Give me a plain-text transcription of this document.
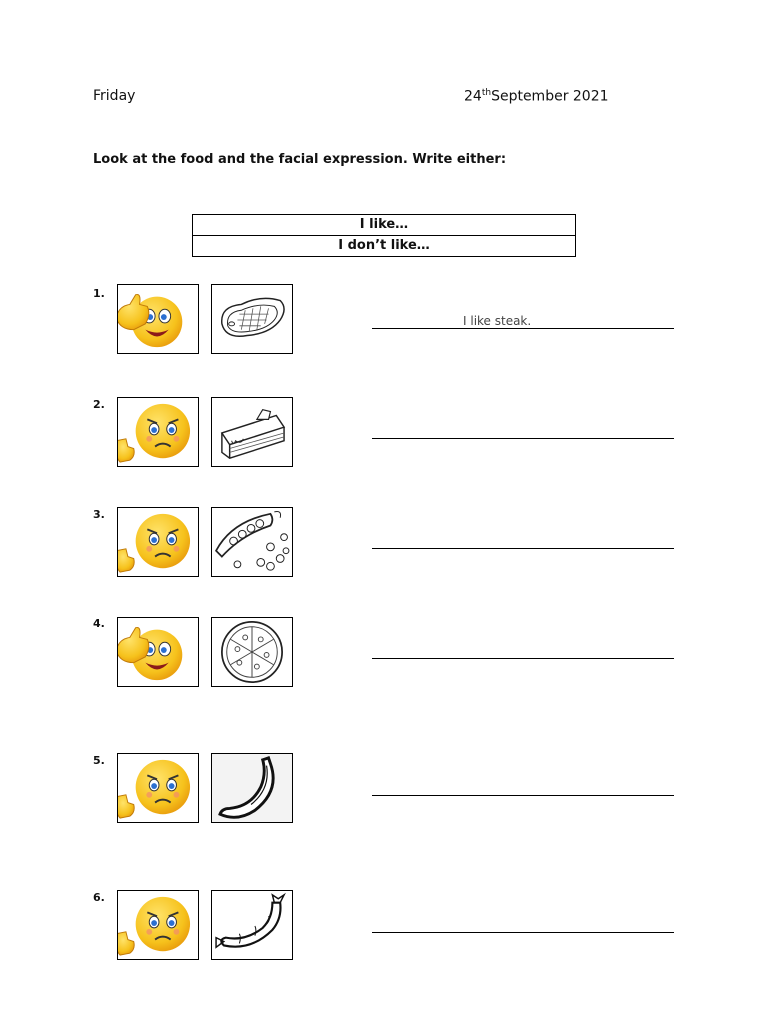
Friday	24thSeptember 2021
Look at the food and the facial expression. Write either:
I like…
I don’t like…
1.
I like steak.
2.
3.
4.
5.
6.
